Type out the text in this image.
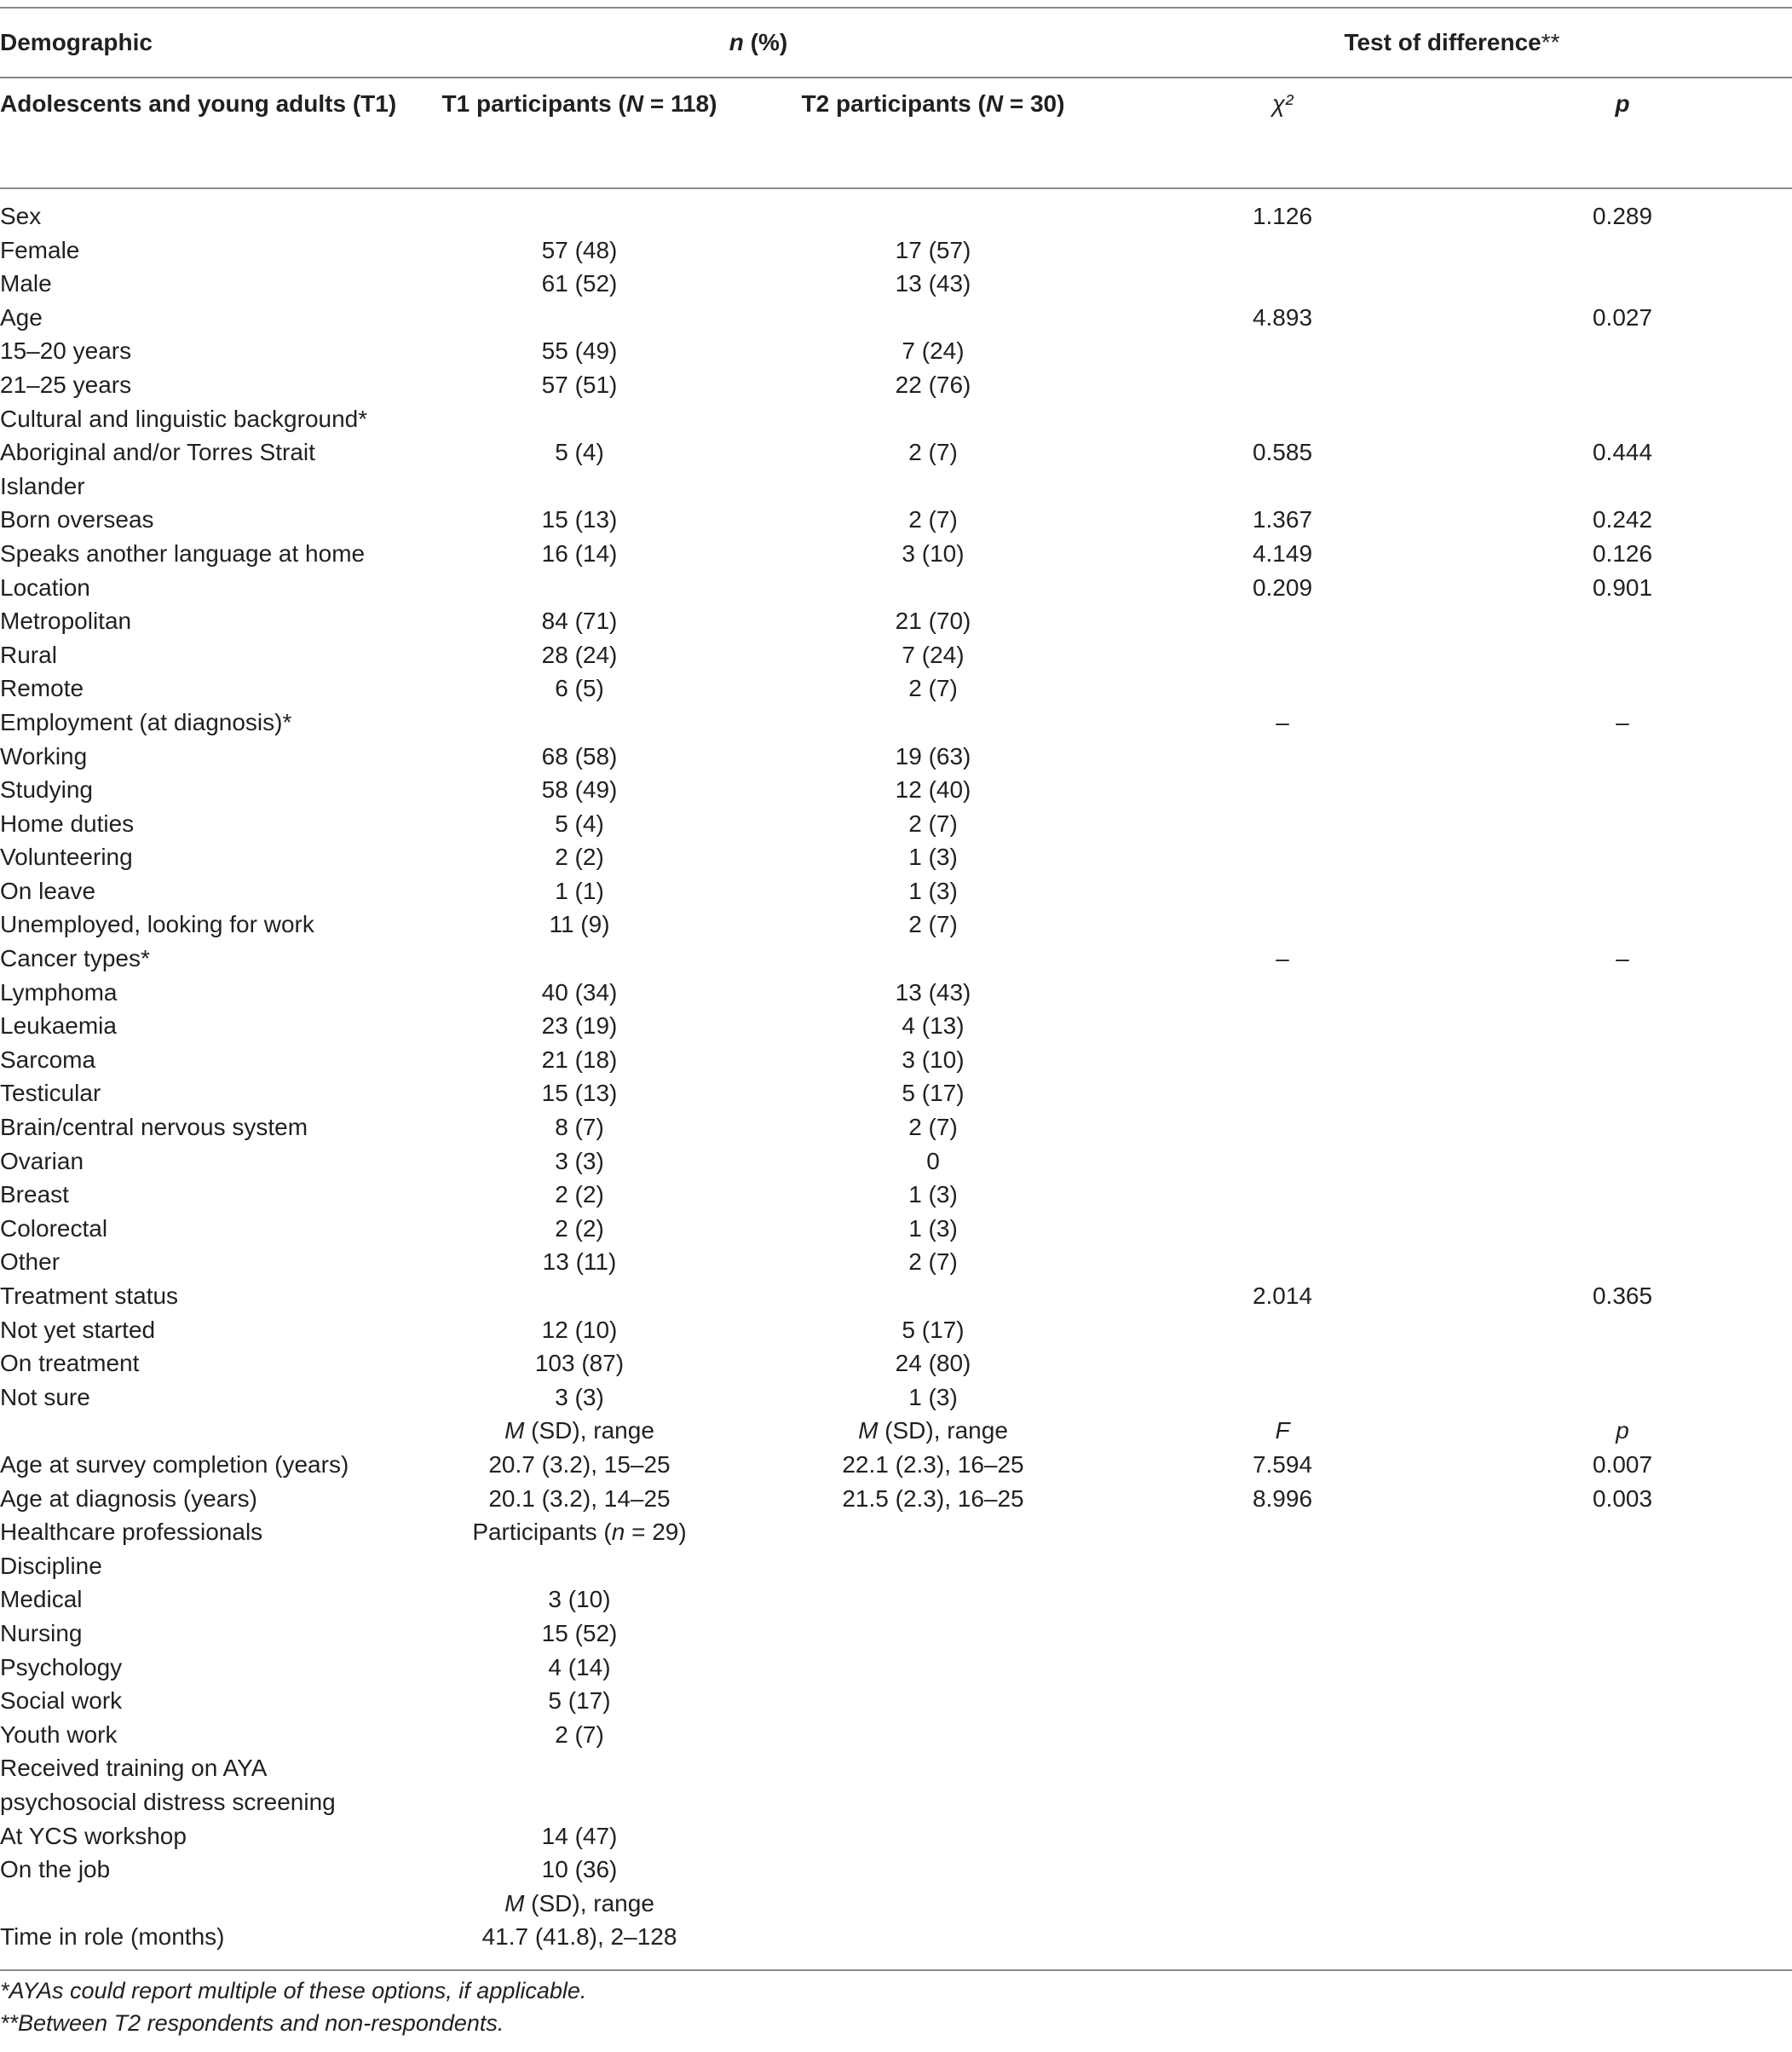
Demographic	n (%)		Test of difference**	
Adolescents and young adults (T1)	T1 participants (N = 118)	T2 participants (N = 30)	χ²	p
Sex			1.126	0.289
Female	57 (48)	17 (57)		
Male	61 (52)	13 (43)		
Age			4.893	0.027
15–20 years	55 (49)	7 (24)		
21–25 years	57 (51)	22 (76)		
Cultural and linguistic background*				
Aboriginal and/or Torres Strait Islander	5 (4)	2 (7)	0.585	0.444
Born overseas	15 (13)	2 (7)	1.367	0.242
Speaks another language at home	16 (14)	3 (10)	4.149	0.126
Location			0.209	0.901
Metropolitan	84 (71)	21 (70)		
Rural	28 (24)	7 (24)		
Remote	6 (5)	2 (7)		
Employment (at diagnosis)*			–	–
Working	68 (58)	19 (63)		
Studying	58 (49)	12 (40)		
Home duties	5 (4)	2 (7)		
Volunteering	2 (2)	1 (3)		
On leave	1 (1)	1 (3)		
Unemployed, looking for work	11 (9)	2 (7)		
Cancer types*			–	–
Lymphoma	40 (34)	13 (43)		
Leukaemia	23 (19)	4 (13)		
Sarcoma	21 (18)	3 (10)		
Testicular	15 (13)	5 (17)		
Brain/central nervous system	8 (7)	2 (7)		
Ovarian	3 (3)	0		
Breast	2 (2)	1 (3)		
Colorectal	2 (2)	1 (3)		
Other	13 (11)	2 (7)		
Treatment status			2.014	0.365
Not yet started	12 (10)	5 (17)		
On treatment	103 (87)	24 (80)		
Not sure	3 (3)	1 (3)		
	M (SD), range	M (SD), range	F	p
Age at survey completion (years)	20.7 (3.2), 15–25	22.1 (2.3), 16–25	7.594	0.007
Age at diagnosis (years)	20.1 (3.2), 14–25	21.5 (2.3), 16–25	8.996	0.003
Healthcare professionals	Participants (n = 29)			
Discipline				
Medical	3 (10)			
Nursing	15 (52)			
Psychology	4 (14)			
Social work	5 (17)			
Youth work	2 (7)			
Received training on AYA psychosocial distress screening				
At YCS workshop	14 (47)			
On the job	10 (36)			
	M (SD), range			
Time in role (months)	41.7 (41.8), 2–128			
*AYAs could report multiple of these options, if applicable.
**Between T2 respondents and non-respondents.
